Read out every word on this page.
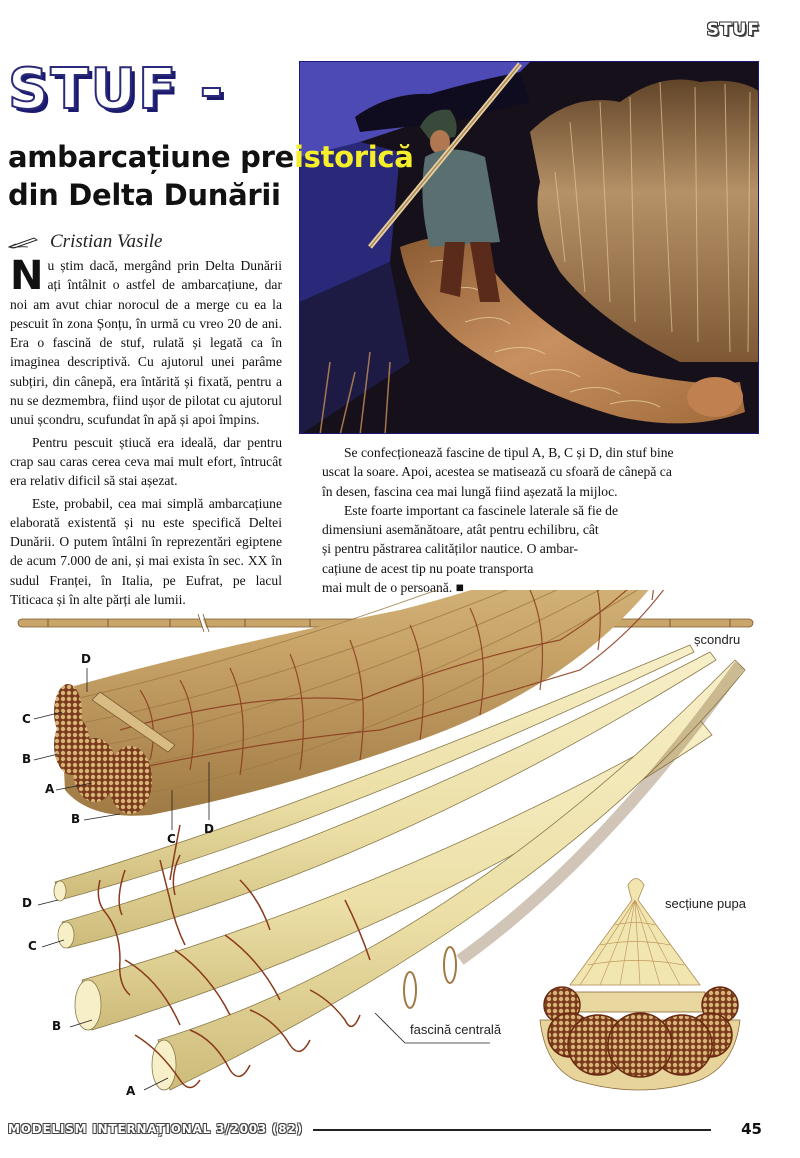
STUF
STUF -
ambarcațiune preistorică
din Delta Dunării
Cristian Vasile

Nu știm dacă, mergând prin Delta Dunării ați întâlnit o astfel de ambarcațiune, dar noi am avut chiar norocul de a merge cu ea la pescuit în zona Șonțu, în urmă cu vreo 20 de ani. Era o fascină de stuf, rulată și legată ca în imaginea descriptivă. Cu ajutorul unei parâme subțiri, din cânepă, era întărită și fixată, pentru a nu se dezmembra, fiind ușor de pilotat cu ajutorul unui școndru, scufundat în apă și apoi împins.

Pentru pescuit știucă era ideală, dar pentru crap sau caras cerea ceva mai mult efort, întrucât era relativ dificil să stai așezat.

Este, probabil, cea mai simplă ambarcațiune elaborată existentă și nu este specifică Deltei Dunării. O putem întâlni în reprezentări egiptene de acum 7.000 de ani, și mai exista în sec. XX în sudul Franței, în Italia, pe Eufrat, pe lacul Titicaca și în alte părți ale lumii.

Se confecționează fascine de tipul A, B, C și D, din stuf bine

uscat la soare. Apoi, acestea se matisează cu sfoară de cânepă ca
în desen, fascina cea mai lungă fiind așezată la mijloc.

Este foarte important ca fascinele laterale să fie de

dimensiuni asemănătoare, atât pentru echilibru, cât
și pentru păstrarea calităților nautice. O ambar-
cațiune de acest tip nu poate transporta
mai mult de o persoană. ■
școndru
D
C
B
A
B
C
D
D
C
B
A
fascină centrală
secțiune pupa
MODELISM INTERNAȚIONAL 3/2003 (82)	45
